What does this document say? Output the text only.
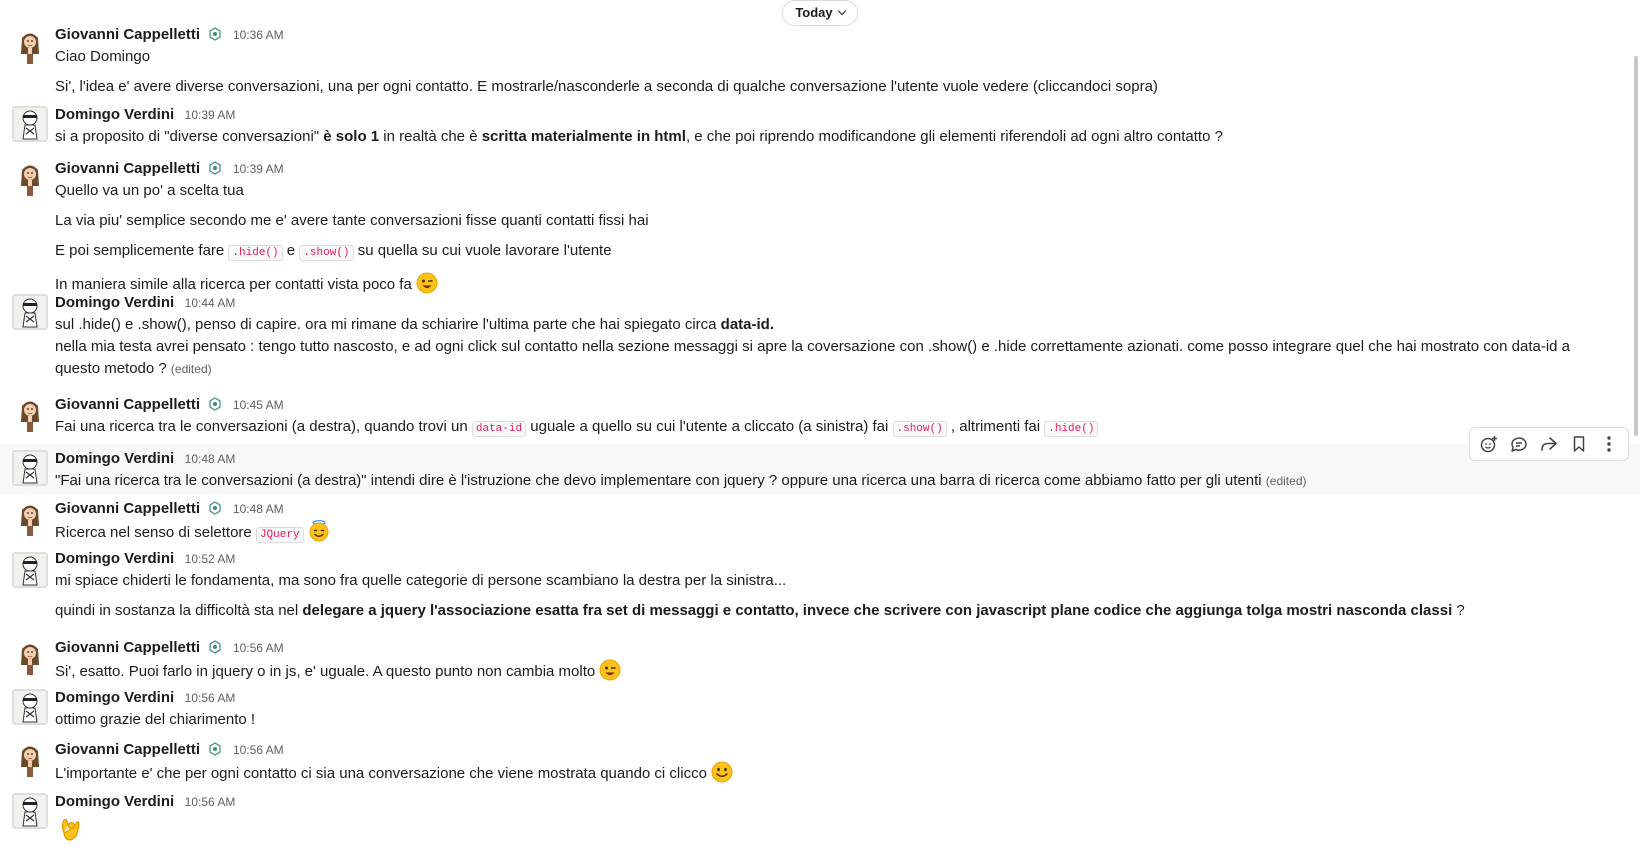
Today
Giovanni Cappelletti	10:36 AM
Ciao Domingo
Si', l'idea e' avere diverse conversazioni, una per ogni contatto. E mostrarle/nasconderle a seconda di qualche conversazione l'utente vuole vedere (cliccandoci sopra)
Domingo Verdini 10:39 AM
si a proposito di "diverse conversazioni" è solo 1 in realtà che è scritta materialmente in html, e che poi riprendo modificandone gli elementi riferendoli ad ogni altro contatto ?
Giovanni Cappelletti	10:39 AM
Quello va un po' a scelta tua
La via piu' semplice secondo me e' avere tante conversazioni fisse quanti contatti fissi hai
E poi semplicemente fare .hide() e .show() su quella su cui vuole lavorare l'utente
In maniera simile alla ricerca per contatti vista poco fa
Domingo Verdini 10:44 AM
sul .hide() e .show(), penso di capire. ora mi rimane da schiarire l'ultima parte che hai spiegato circa data-id.
nella mia testa avrei pensato : tengo tutto nascosto, e ad ogni click sul contatto nella sezione messaggi si apre la coversazione con .show() e .hide correttamente azionati. come posso integrare quel che hai mostrato con data-id a questo metodo ? (edited)
Giovanni Cappelletti	10:45 AM
Fai una ricerca tra le conversazioni (a destra), quando trovi un data-id uguale a quello su cui l'utente a cliccato (a sinistra) fai .show() , altrimenti fai .hide()
Domingo Verdini 10:48 AM
"Fai una ricerca tra le conversazioni (a destra)" intendi dire è l'istruzione che devo implementare con jquery ? oppure una ricerca una barra di ricerca come abbiamo fatto per gli utenti (edited)
Giovanni Cappelletti	10:48 AM
Ricerca nel senso di selettore JQuery
Domingo Verdini 10:52 AM
mi spiace chiderti le fondamenta, ma sono fra quelle categorie di persone scambiano la destra per la sinistra...
quindi in sostanza la difficoltà sta nel delegare a jquery l'associazione esatta fra set di messaggi e contatto, invece che scrivere con javascript plane codice che aggiunga tolga mostri nasconda classi ?
Giovanni Cappelletti	10:56 AM
Si', esatto. Puoi farlo in jquery o in js, e' uguale. A questo punto non cambia molto
Domingo Verdini 10:56 AM
ottimo grazie del chiarimento !
Giovanni Cappelletti	10:56 AM
L'importante e' che per ogni contatto ci sia una conversazione che viene mostrata quando ci clicco
Domingo Verdini 10:56 AM
